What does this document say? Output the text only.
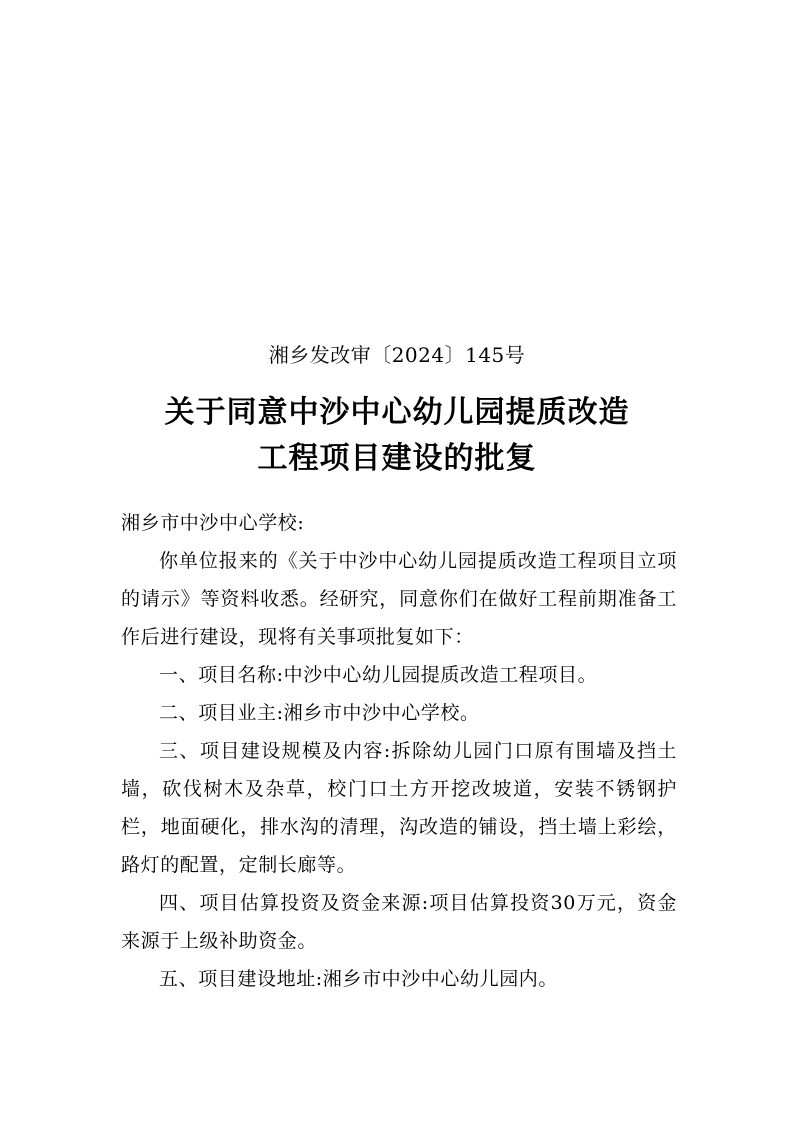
湘乡发改审〔2024〕145号
关于同意中沙中心幼儿园提质改造
工程项目建设的批复

湘乡市中沙中心学校:

你单位报来的《关于中沙中心幼儿园提质改造工程项目立项的请示》等资料收悉。经研究，同意你们在做好工程前期准备工作后进行建设，现将有关事项批复如下：

一、项目名称:中沙中心幼儿园提质改造工程项目。

二、项目业主:湘乡市中沙中心学校。

三、项目建设规模及内容:拆除幼儿园门口原有围墙及挡土墙，砍伐树木及杂草，校门口土方开挖改坡道，安装不锈钢护栏，地面硬化，排水沟的清理，沟改造的铺设，挡土墙上彩绘，路灯的配置，定制长廊等。

四、项目估算投资及资金来源:项目估算投资30万元，资金来源于上级补助资金。

五、项目建设地址:湘乡市中沙中心幼儿园内。
